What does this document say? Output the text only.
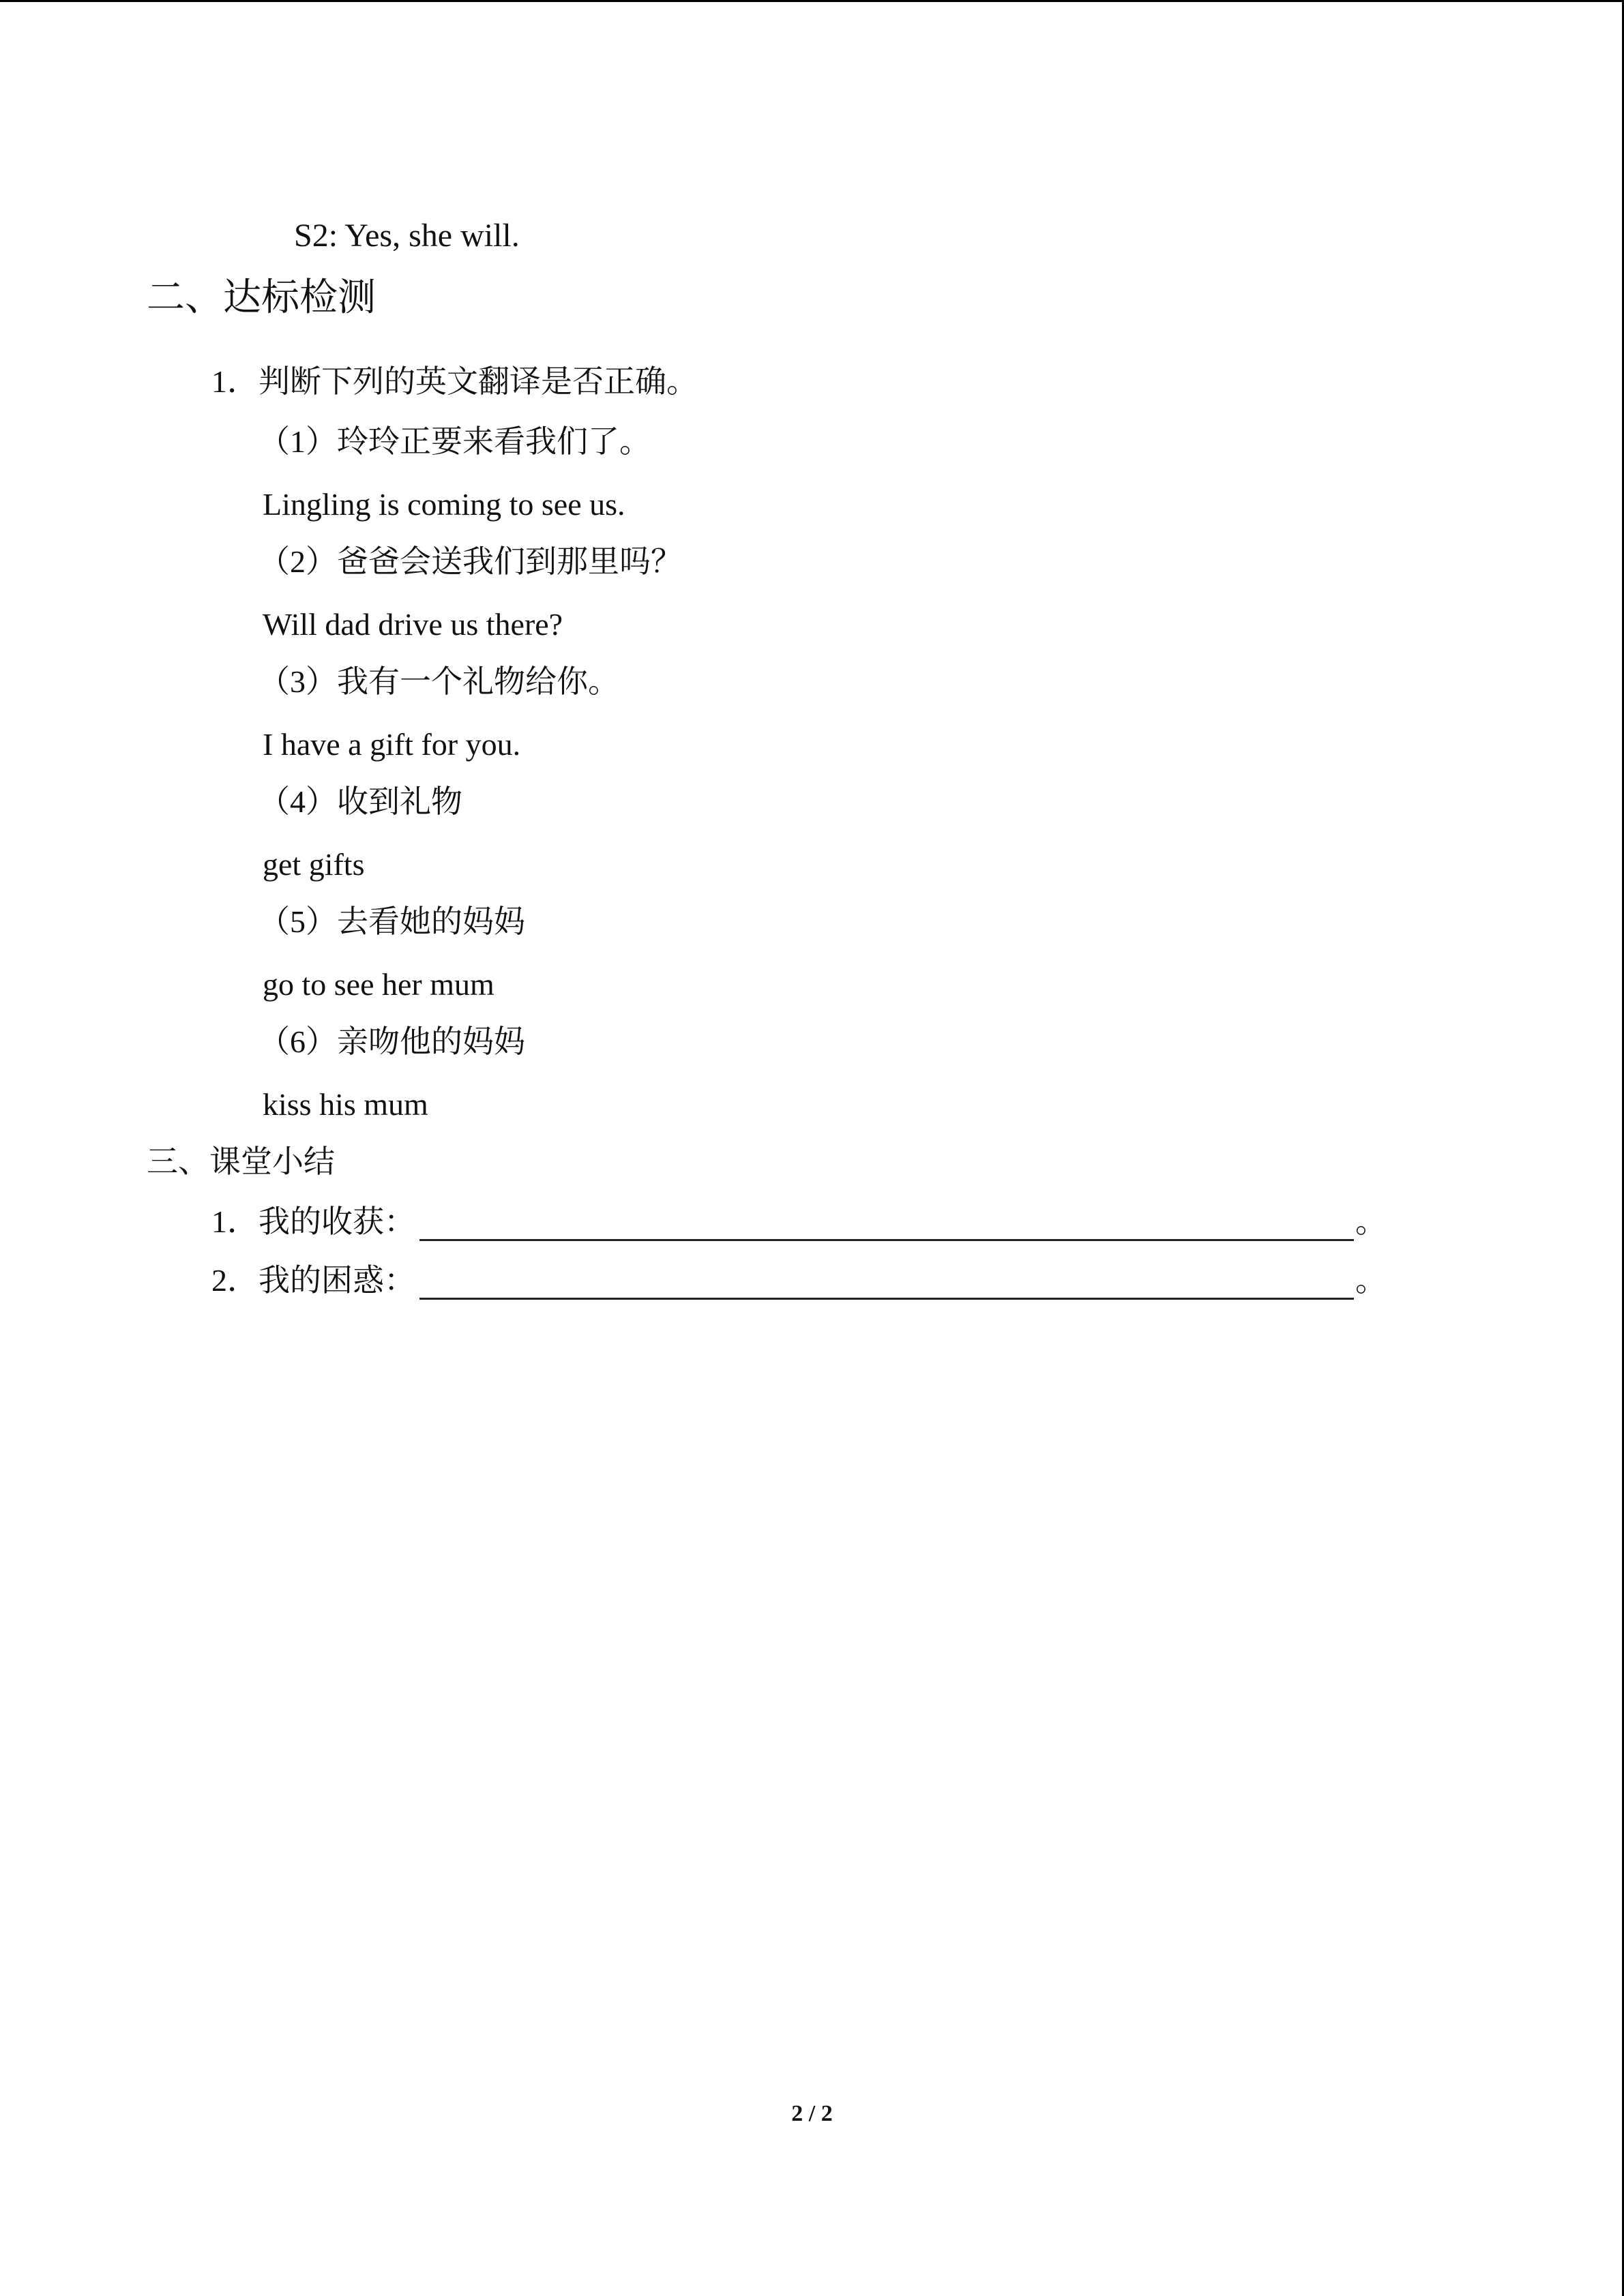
S2: Yes, she will.
二、达标检测
1．判断下列的英文翻译是否正确。
（1）玲玲正要来看我们了。
Lingling is coming to see us.
（2）爸爸会送我们到那里吗？
Will dad drive us there?
（3）我有一个礼物给你。
I have a gift for you.
（4）收到礼物
get gifts
（5）去看她的妈妈
go to see her mum
（6）亲吻他的妈妈
kiss his mum
三、课堂小结
1．我的收获：	。
2．我的困惑：	。
2 / 2
